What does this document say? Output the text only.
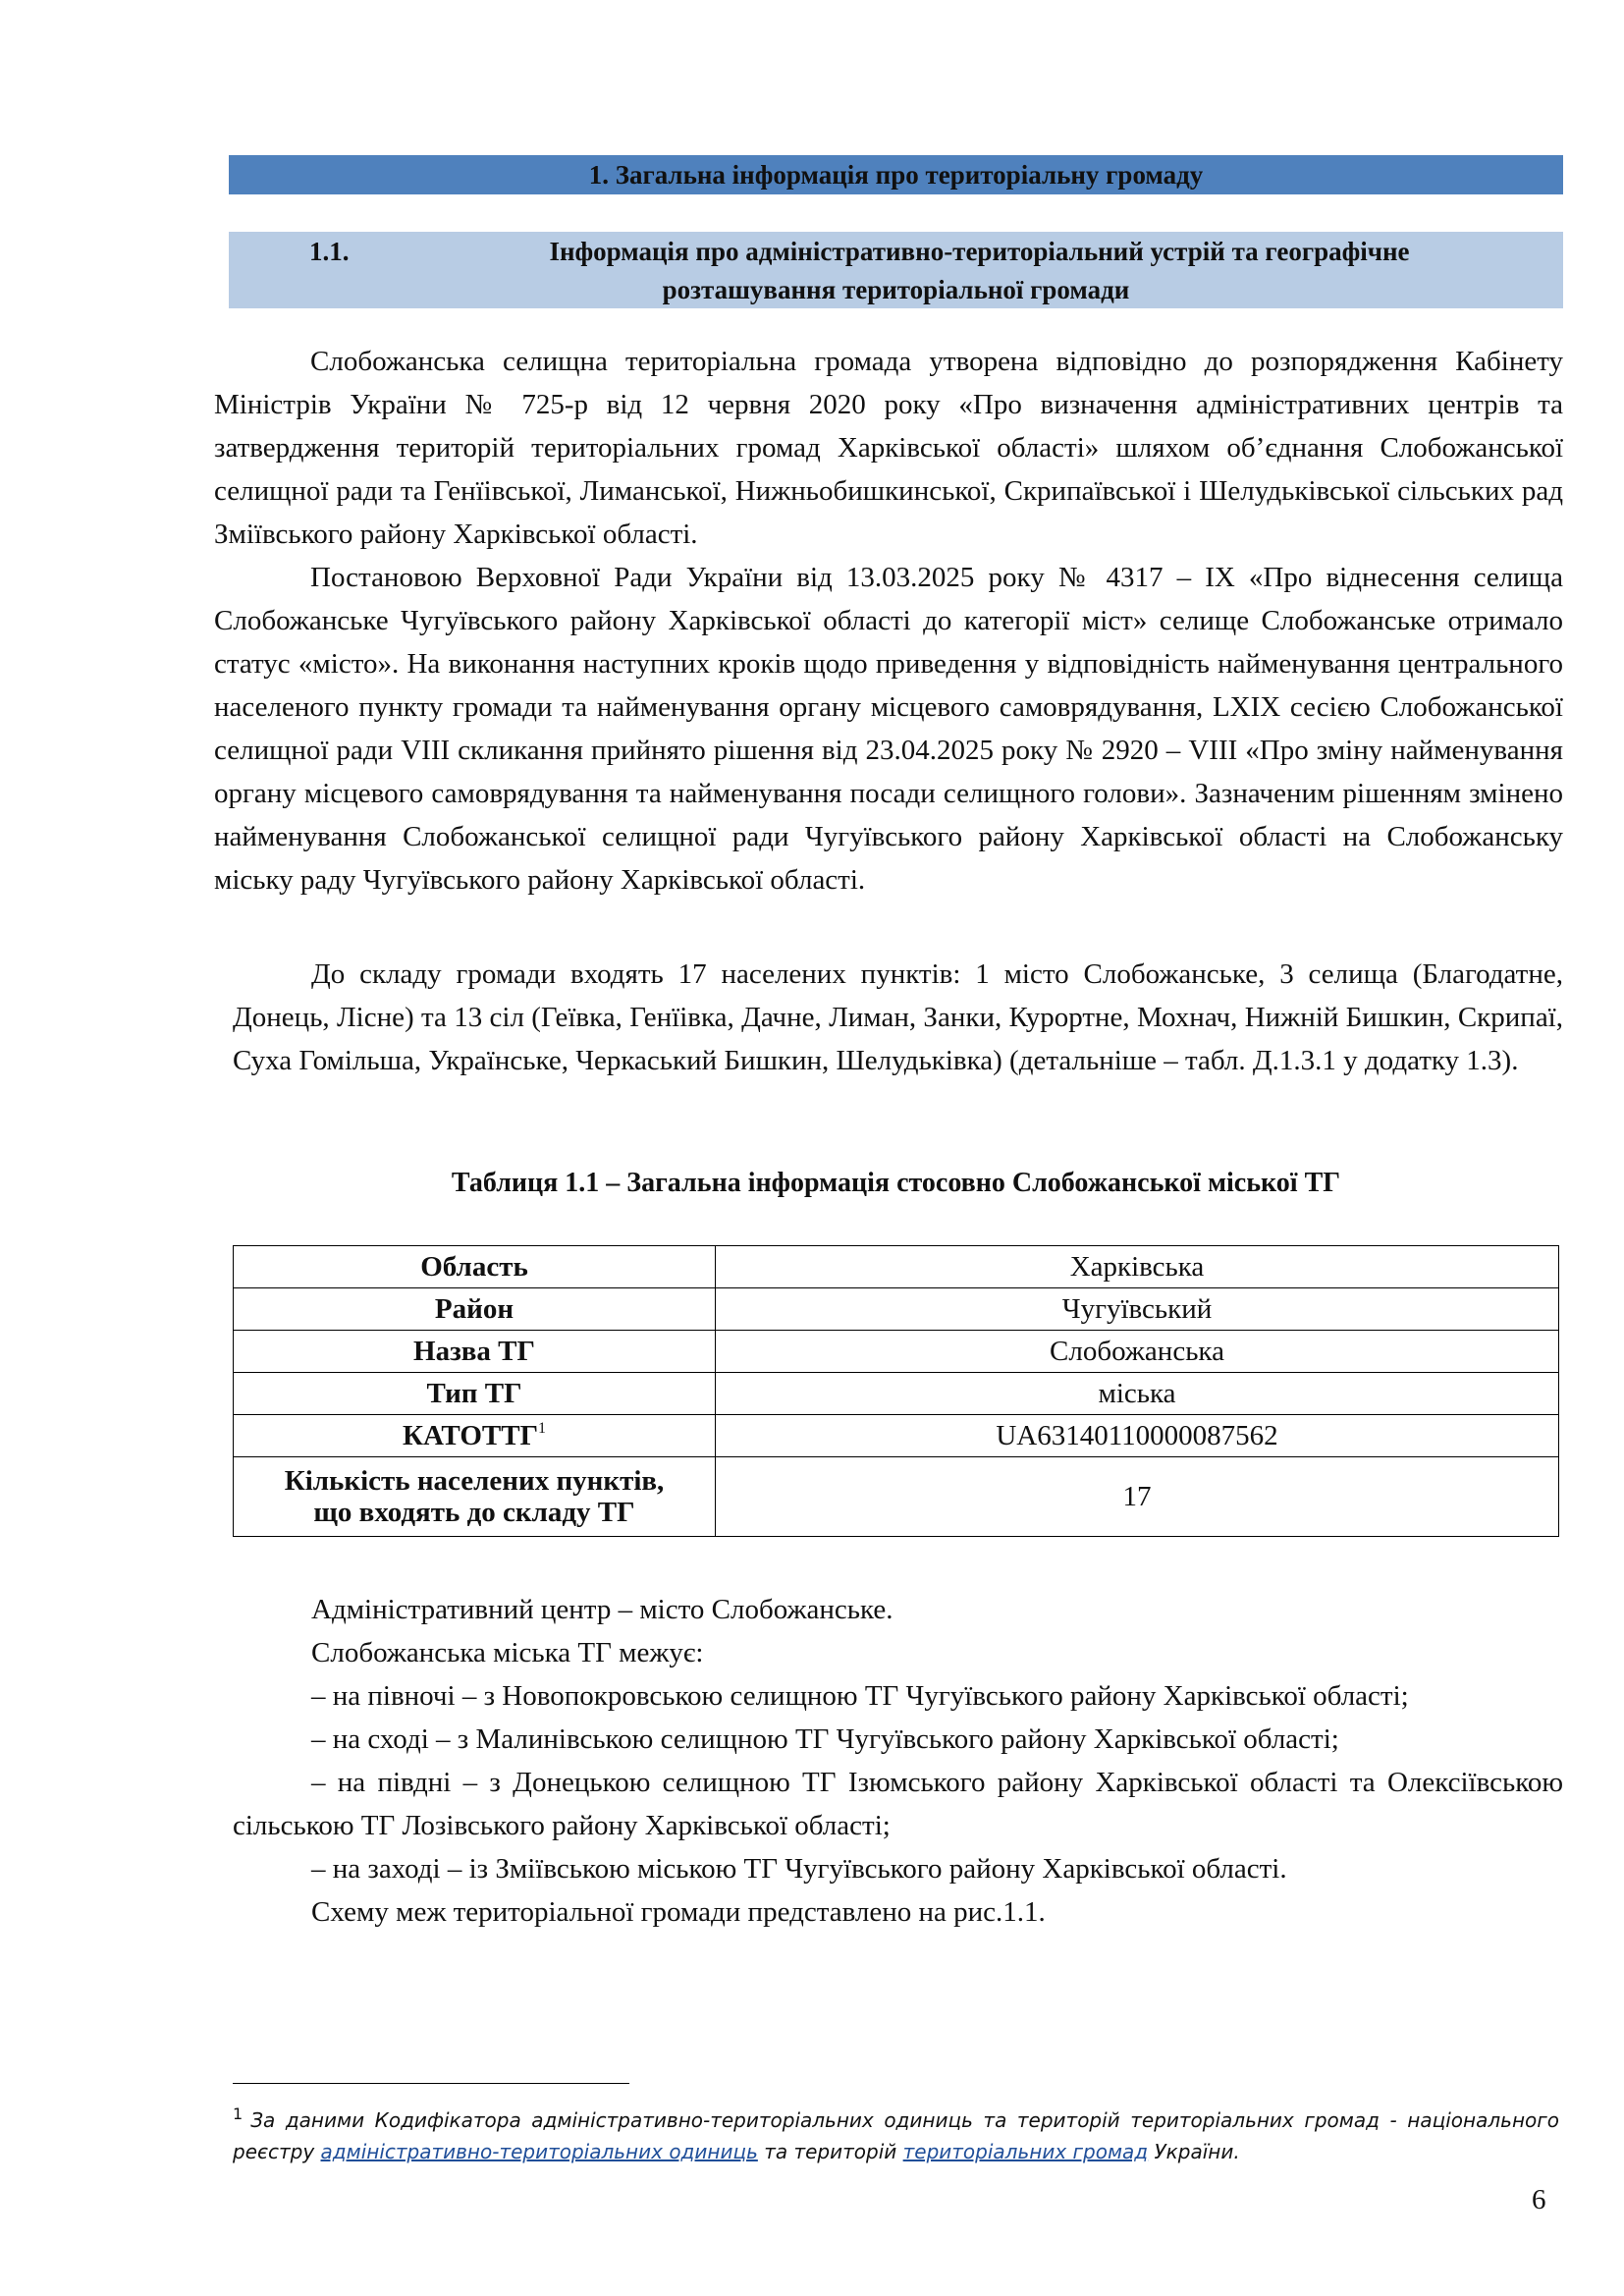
1. Загальна інформація про територіальну громаду
1.1.	Інформація про адміністративно-територіальний устрій та географічне
розташування територіальної громади

Слобожанська селищна територіальна громада утворена відповідно до розпорядження Кабінету Міністрів України № 725-р від 12 червня 2020 року «Про визначення адміністративних центрів та затвердження територій територіальних громад Харківської області» шляхом об’єднання Слобожанської селищної ради та Генїівської, Лиманської, Нижньобишкинської, Скрипаївської і Шелудьківської сільських рад Зміївського району Харківської області.

Постановою Верховної Ради України від 13.03.2025 року № 4317 – IX «Про віднесення селища Слобожанське Чугуївського району Харківської області до категорії міст» селище Слобожанське отримало статус «місто». На виконання наступних кроків щодо приведення у відповідність найменування центрального населеного пункту громади та найменування органу місцевого самоврядування, LXIX сесією Слобожанської селищної ради VIII скликання прийнято рішення від 23.04.2025 року № 2920 – VIII «Про зміну найменування органу місцевого самоврядування та найменування посади селищного голови». Зазначеним рішенням змінено найменування Слобожанської селищної ради Чугуївського району Харківської області на Слобожанську міську раду Чугуївського району Харківської області.

До складу громади входять 17 населених пунктів: 1 місто Слобожанське, 3 селища (Благодатне, Донець, Лісне) та 13 сіл (Геївка, Генїівка, Дачне, Лиман, Занки, Курортне, Мохнач, Нижній Бишкин, Скрипаї, Суха Гомільша, Українське, Черкаський Бишкин, Шелудьківка) (детальніше – табл. Д.1.3.1 у додатку 1.3).

Таблиця 1.1 – Загальна інформація стосовно Слобожанської міської ТГ
Область	Харківська
Район	Чугуївський
Назва ТГ	Слобожанська
Тип ТГ	міська
КАТОТТГ$^1$	UA63140110000087562
Кількість населених пунктів,
що входять до складу ТГ	17

Адміністративний центр – місто Слобожанське.

Слобожанська міська ТГ межує:

– на півночі – з Новопокровською селищною ТГ Чугуївського району Харківської області;

– на сході – з Малинівською селищною ТГ Чугуївського району Харківської області;

– на півдні – з Донецькою селищною ТГ Ізюмського району Харківської області та Олексіївською сільською ТГ Лозівського району Харківської області;

– на заході – із Зміївською міською ТГ Чугуївського району Харківської області.

Схему меж територіальної громади представлено на рис.1.1.

$^1$ За даними Кодифікатора адміністративно-територіальних одиниць та територій територіальних громад - національного реєстру адміністративно-територіальних одиниць та територій територіальних громад України.

6
